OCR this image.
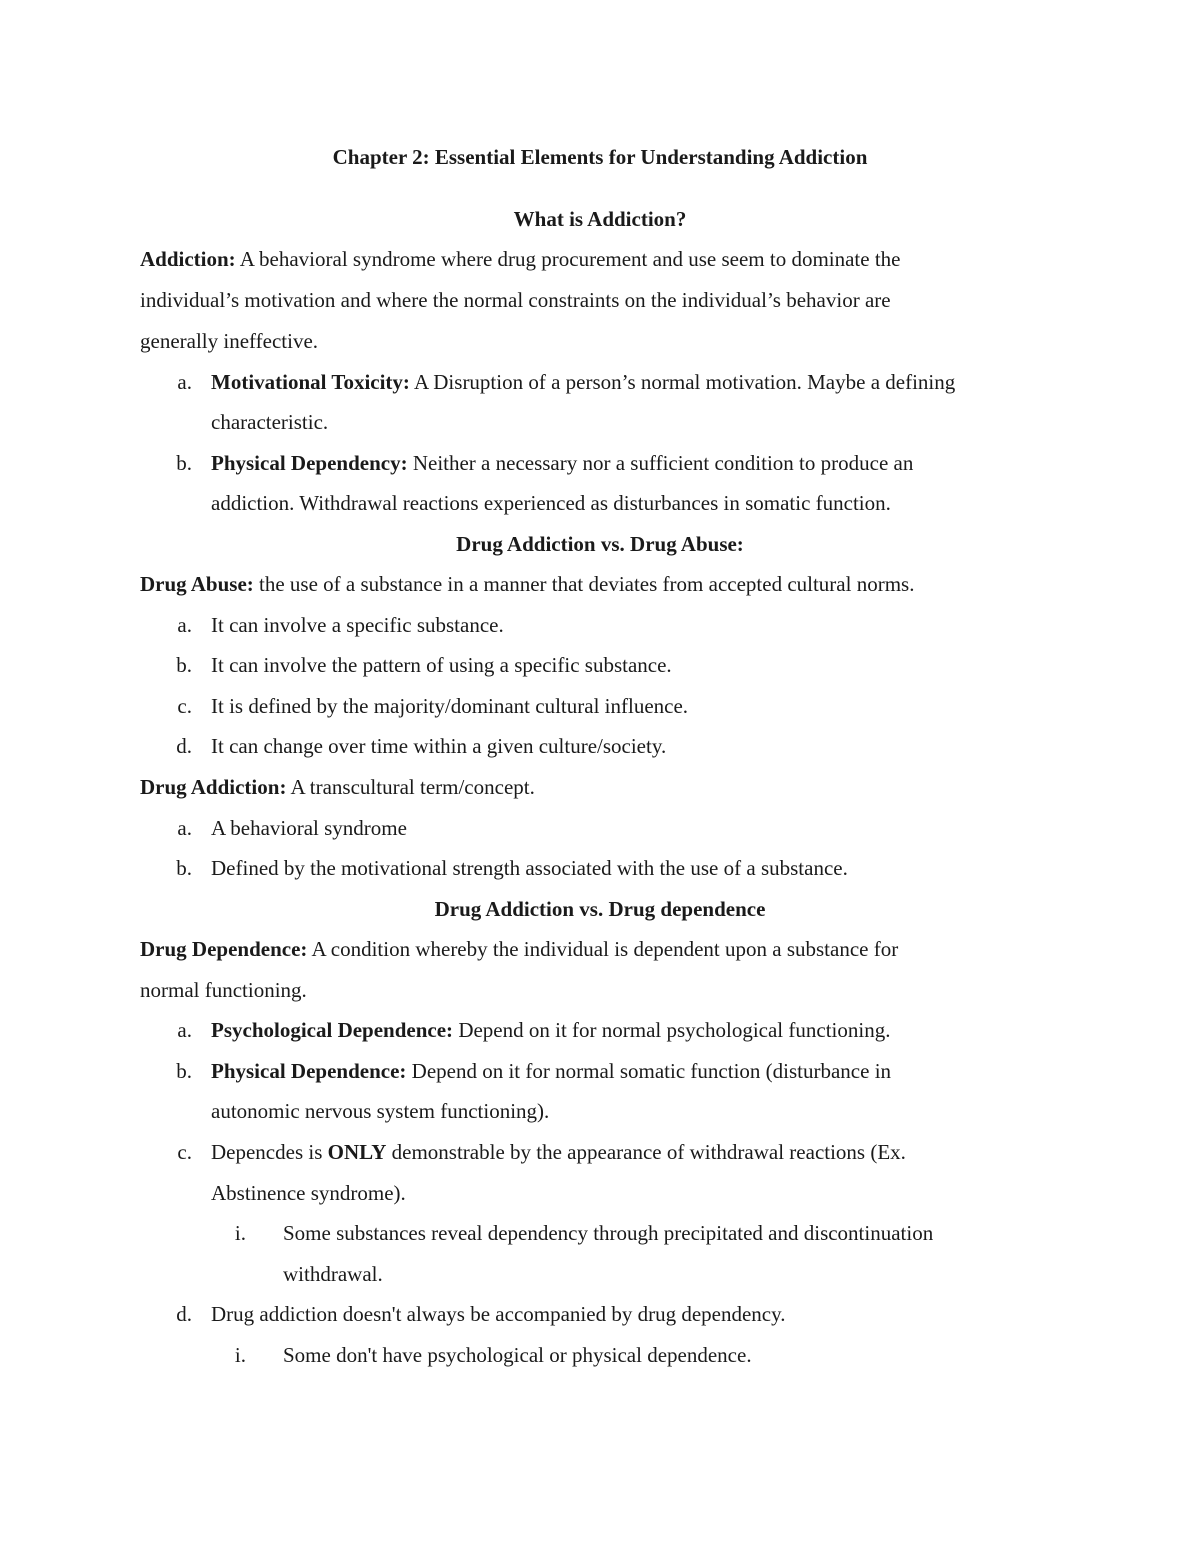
Chapter 2: Essential Elements for Understanding Addiction
What is Addiction?
Addiction: A behavioral syndrome where drug procurement and use seem to dominate the
individual’s motivation and where the normal constraints on the individual’s behavior are
generally ineffective.
a. Motivational Toxicity: A Disruption of a person’s normal motivation. Maybe a defining
characteristic.
b. Physical Dependency: Neither a necessary nor a sufficient condition to produce an
addiction. Withdrawal reactions experienced as disturbances in somatic function.
Drug Addiction vs. Drug Abuse:
Drug Abuse: the use of a substance in a manner that deviates from accepted cultural norms.
a. It can involve a specific substance.
b. It can involve the pattern of using a specific substance.
c. It is defined by the majority/dominant cultural influence.
d. It can change over time within a given culture/society.
Drug Addiction: A transcultural term/concept.
a. A behavioral syndrome
b. Defined by the motivational strength associated with the use of a substance.
Drug Addiction vs. Drug dependence
Drug Dependence: A condition whereby the individual is dependent upon a substance for
normal functioning.
a. Psychological Dependence: Depend on it for normal psychological functioning.
b. Physical Dependence: Depend on it for normal somatic function (disturbance in
autonomic nervous system functioning).
c. Depencdes is ONLY demonstrable by the appearance of withdrawal reactions (Ex.
Abstinence syndrome).
i. Some substances reveal dependency through precipitated and discontinuation
withdrawal.
d. Drug addiction doesn't always be accompanied by drug dependency.
i. Some don't have psychological or physical dependence.
